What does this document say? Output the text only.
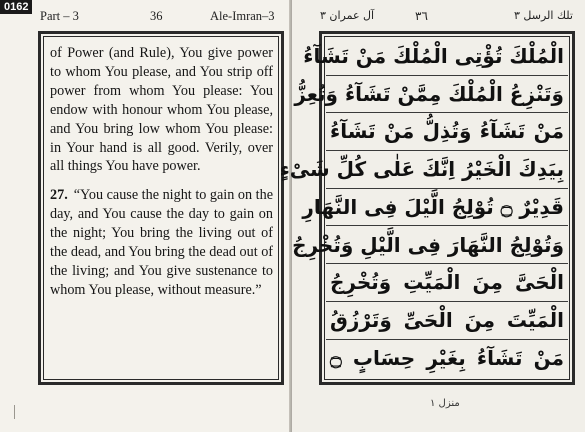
0162
Part – 3	36	Ale-Imran–3

of Power (and Rule), You give power to whom You please, and You strip off power from whom You please: You endow with honour whom You please, and You bring low whom You please: in Your hand is all good. Verily, over all things You have power.

27. “You cause the night to gain on the day, and You cause the day to gain on the night; You bring the living out of the dead, and You bring the dead out of the living; and You give sustenance to whom You please, without measure.”

آل عمران ٣	٣٦	تلك الرسل ٣
الْمُلْكَ تُؤْتِى الْمُلْكَ مَنْ تَشَآءُ
وَتَنْزِعُ الْمُلْكَ مِمَّنْ تَشَآءُ وَتُعِزُّ
مَنْ تَشَآءُ وَتُذِلُّ مَنْ تَشَآءُ
بِيَدِكَ الْخَيْرُ اِنَّكَ عَلٰى كُلِّ شَىْءٍ
قَدِيْرٌ ۝ تُوْلِجُ الَّيْلَ فِى النَّهَارِ
وَتُوْلِجُ النَّهَارَ فِى الَّيْلِ وَتُخْرِجُ
الْحَىَّ مِنَ الْمَيِّتِ وَتُخْرِجُ
الْمَيِّتَ مِنَ الْحَىِّ وَتَرْزُقُ
مَنْ تَشَآءُ بِغَيْرِ حِسَابٍ ۝
منزل ١
